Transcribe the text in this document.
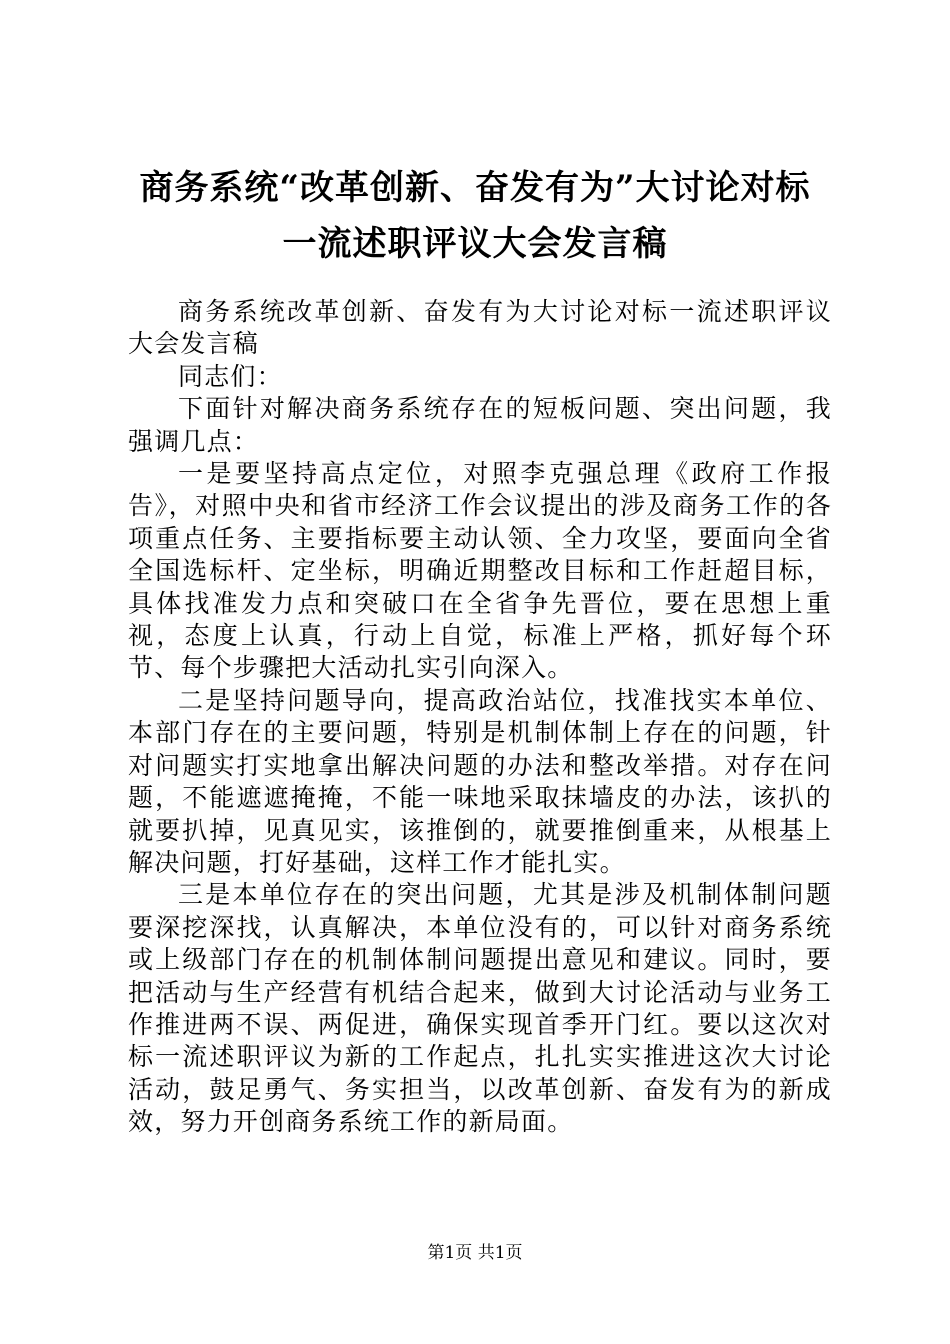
商务系统“改革创新、奋发有为”大讨论对标
一流述职评议大会发言稿

商务系统改革创新、奋发有为大讨论对标一流述职评议大会发言稿

同志们：

下面针对解决商务系统存在的短板问题、突出问题，我强调几点：

一是要坚持高点定位，对照李克强总理《政府工作报告》，对照中央和省市经济工作会议提出的涉及商务工作的各项重点任务、主要指标要主动认领、全力攻坚，要面向全省全国选标杆、定坐标，明确近期整改目标和工作赶超目标，具体找准发力点和突破口在全省争先晋位，要在思想上重视，态度上认真，行动上自觉，标准上严格，抓好每个环节、每个步骤把大活动扎实引向深入。

二是坚持问题导向，提高政治站位，找准找实本单位、本部门存在的主要问题，特别是机制体制上存在的问题，针对问题实打实地拿出解决问题的办法和整改举措。对存在问题，不能遮遮掩掩，不能一味地采取抹墙皮的办法，该扒的就要扒掉，见真见实，该推倒的，就要推倒重来，从根基上解决问题，打好基础，这样工作才能扎实。

三是本单位存在的突出问题，尤其是涉及机制体制问题要深挖深找，认真解决，本单位没有的，可以针对商务系统或上级部门存在的机制体制问题提出意见和建议。同时，要把活动与生产经营有机结合起来，做到大讨论活动与业务工作推进两不误、两促进，确保实现首季开门红。要以这次对标一流述职评议为新的工作起点，扎扎实实推进这次大讨论活动，鼓足勇气、务实担当，以改革创新、奋发有为的新成效，努力开创商务系统工作的新局面。

第1页 共1页
